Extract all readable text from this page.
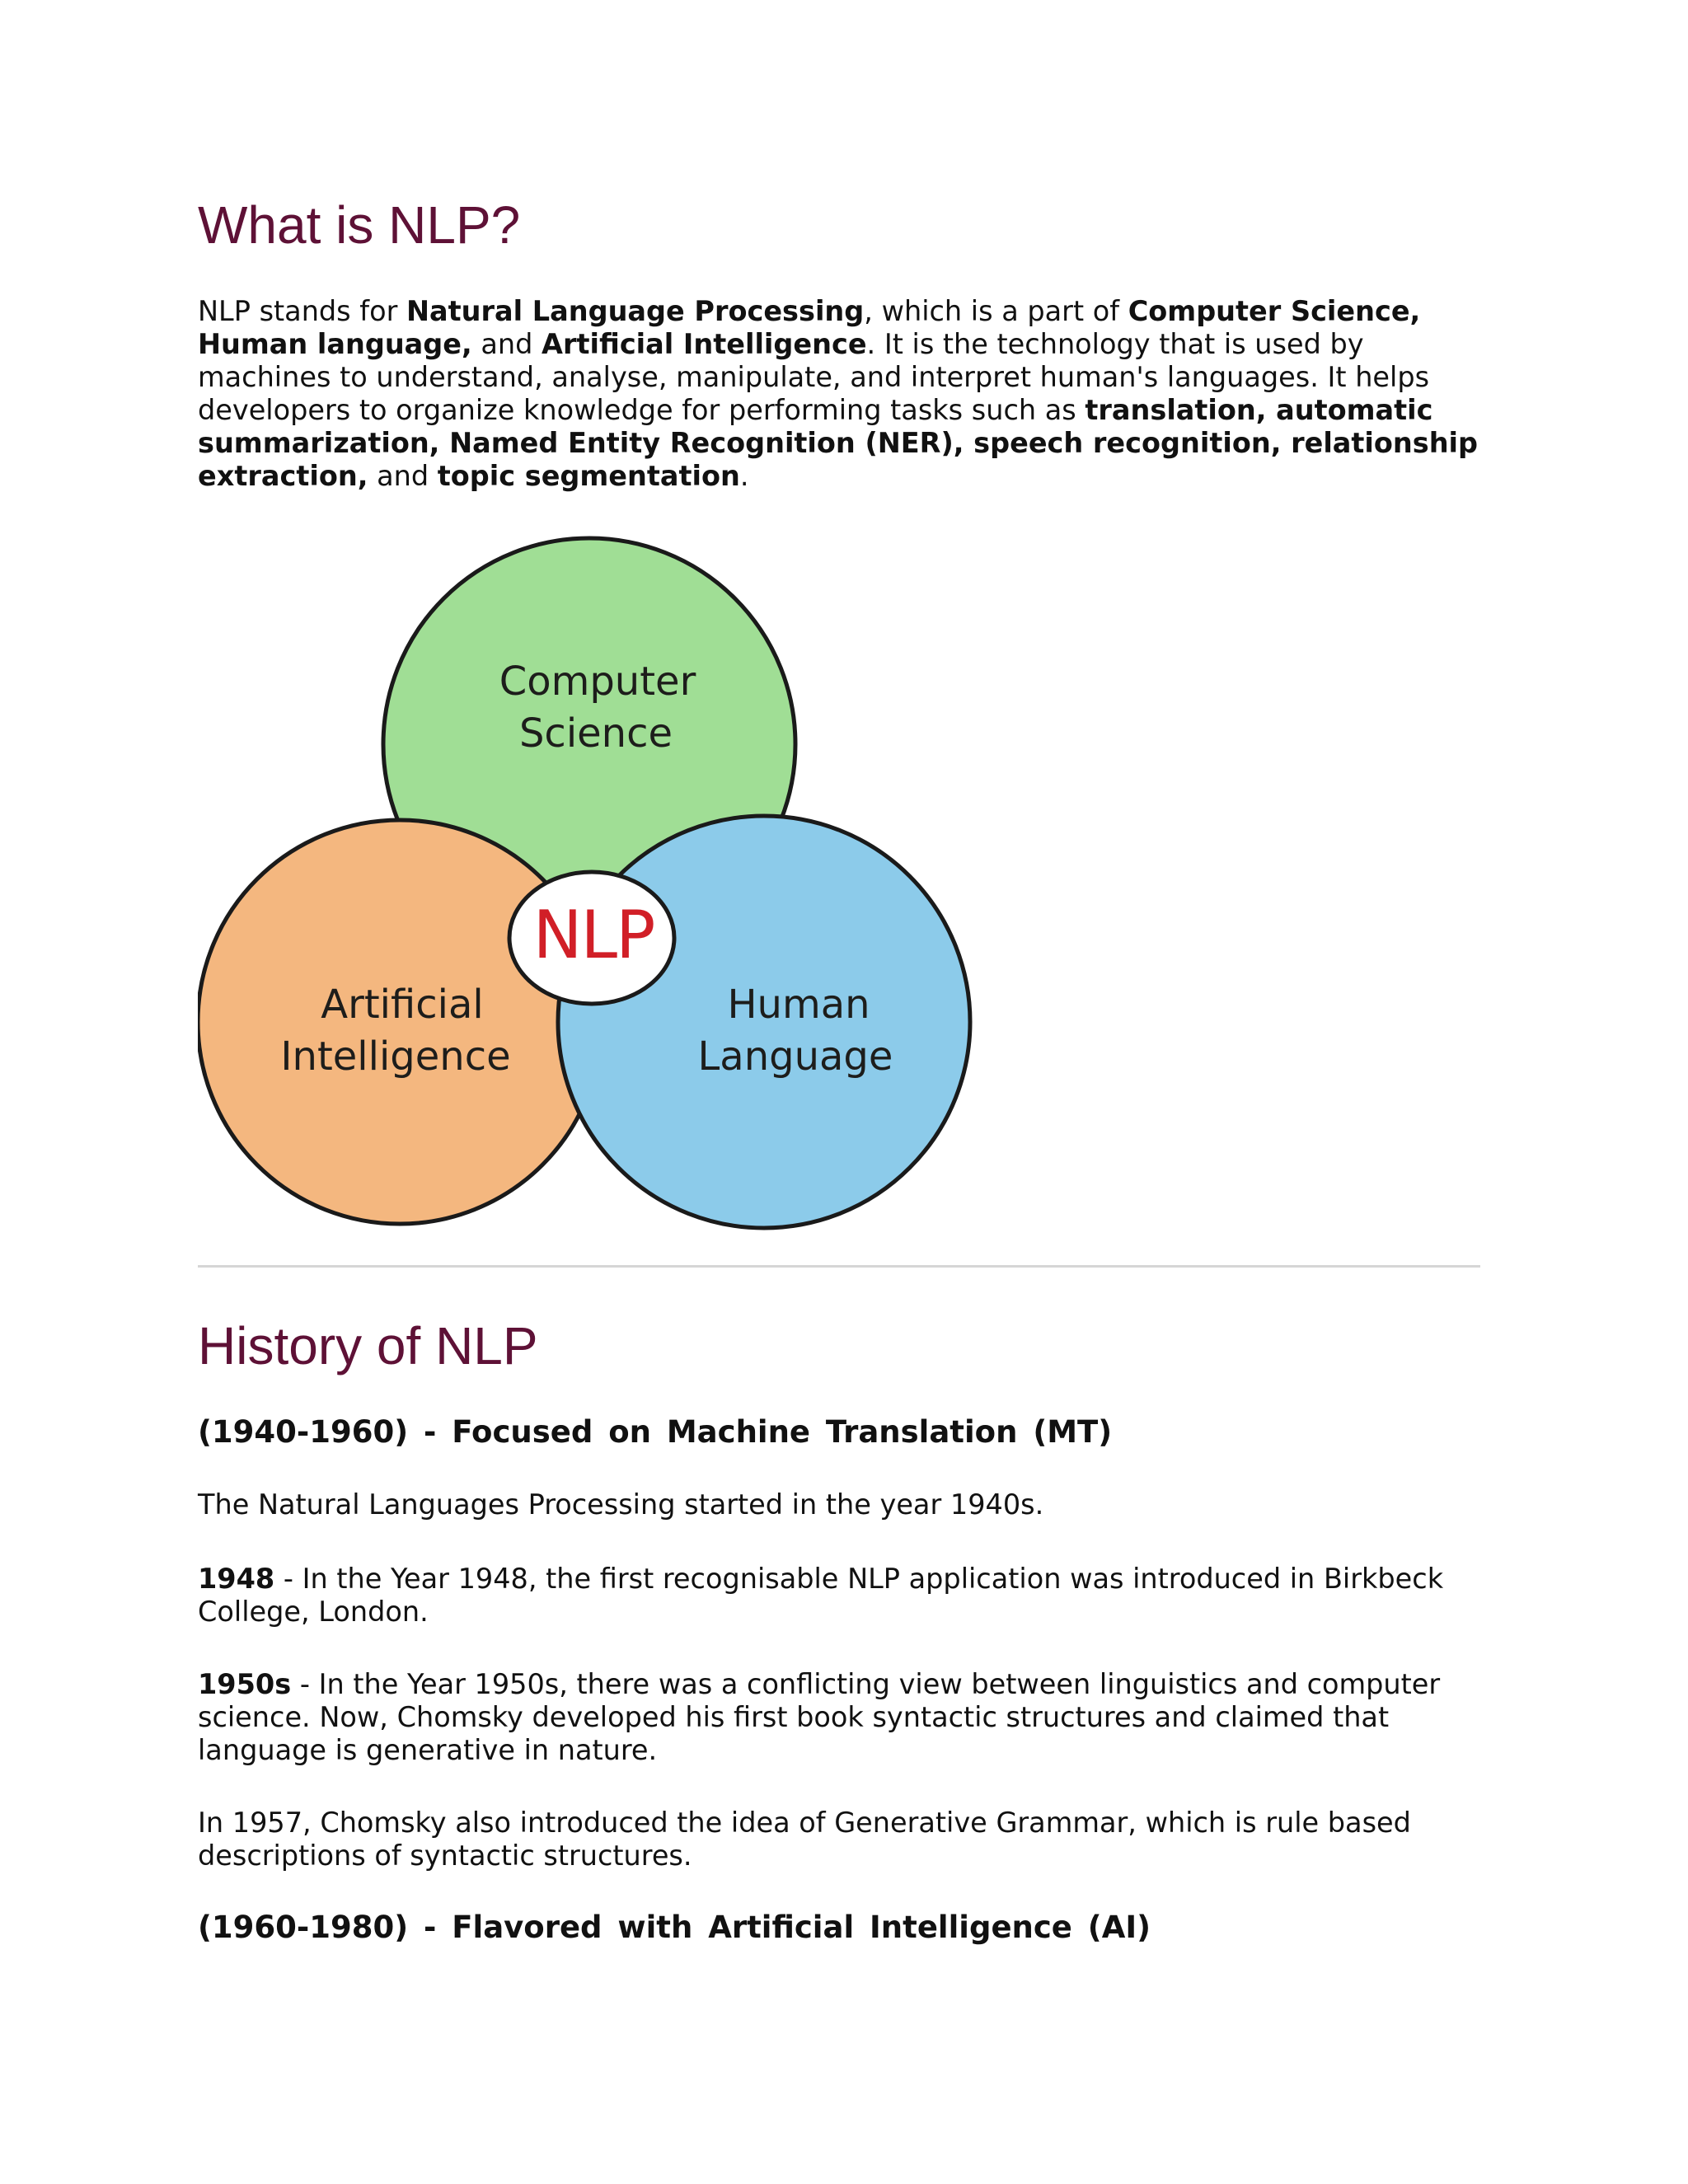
What is NLP?

NLP stands for Natural Language Processing, which is a part of Computer Science, Human language, and Artificial Intelligence. It is the technology that is used by machines to understand, analyse, manipulate, and interpret human's languages. It helps developers to organize knowledge for performing tasks such as translation, automatic summarization, Named Entity Recognition (NER), speech recognition, relationship extraction, and topic segmentation.

Computer
Science
Artificial
Intelligence
Human
Language
NLP
History of NLP
(1940-1960) - Focused on Machine Translation (MT)

The Natural Languages Processing started in the year 1940s.

1948 - In the Year 1948, the first recognisable NLP application was introduced in Birkbeck College, London.

1950s - In the Year 1950s, there was a conflicting view between linguistics and computer science. Now, Chomsky developed his first book syntactic structures and claimed that language is generative in nature.

In 1957, Chomsky also introduced the idea of Generative Grammar, which is rule based descriptions of syntactic structures.

(1960-1980) - Flavored with Artificial Intelligence (AI)
